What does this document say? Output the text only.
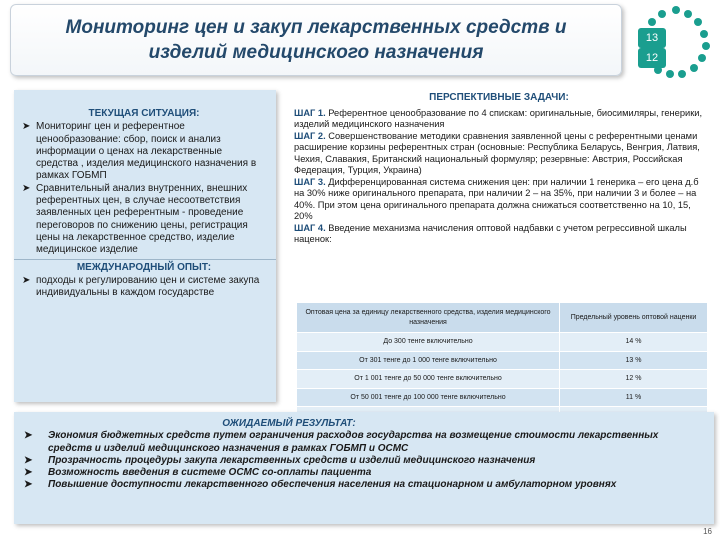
Мониторинг цен и закуп лекарственных средств и изделий медицинского назначения
13
12
ТЕКУЩАЯ СИТУАЦИЯ:
➤ Мониторинг цен и референтное ценообразование: сбор, поиск и анализ информации о ценах на лекарственные средства , изделия медицинского назначения в рамках ГОБМП
➤ Сравнительный анализ внутренних, внешних референтных цен, в случае несоответствия заявленных цен референтным - проведение переговоров по снижению цены, регистрация цены на лекарственное средство, изделие медицинское изделие
МЕЖДУНАРОДНЫЙ ОПЫТ:
➤ подходы к регулированию цен и системе закупа индивидуальны в каждом государстве
ПЕРСПЕКТИВНЫЕ ЗАДАЧИ:
ШАГ 1. Референтное ценообразование по 4 спискам: оригинальные, биосимиляры, генерики, изделий медицинского назначения
ШАГ 2. Совершенствование методики сравнения заявленной цены с референтными ценами расширение корзины референтных стран (основные: Республика Беларусь, Венгрия, Латвия, Чехия, Славакия, Британский национальный формуляр; резервные: Австрия, Российская Федерация, Турция, Украина)
ШАГ 3. Дифференцированная система снижения цен: при наличии 1 генерика – его цена д.б на 30% ниже оригинального препарата, при наличии 2 – на 35%, при наличии 3 и более – на 40%. При этом цена оригинального препарата должна снижаться соответственно на 10, 15, 20%
ШАГ 4. Введение механизма начисления оптовой надбавки с учетом регрессивной шкалы наценок:
Оптовая цена за единицу лекарственного средства, изделия медицинского назначения	Предельный уровень оптовой наценки
До 300 тенге включительно	14 %
От 301 тенге до 1 000 тенге включительно	13 %
От 1 001 тенге до 50 000 тенге включительно	12 %
От 50 001 тенге до 100 000 тенге включительно	11 %

ОЖИДАЕМЫЙ РЕЗУЛЬТАТ:
➤ Экономия бюджетных средств путем ограничения расходов государства на возмещение стоимости лекарственных средств и изделий медицинского назначения в рамках ГОБМП и ОСМС
➤ Прозрачность процедуры закупа лекарственных средств и изделий медицинского назначения
➤ Возможность введения в системе ОСМС со-оплаты пациента
➤ Повышение доступности лекарственного обеспечения населения на стационарном и амбулаторном уровнях
16
